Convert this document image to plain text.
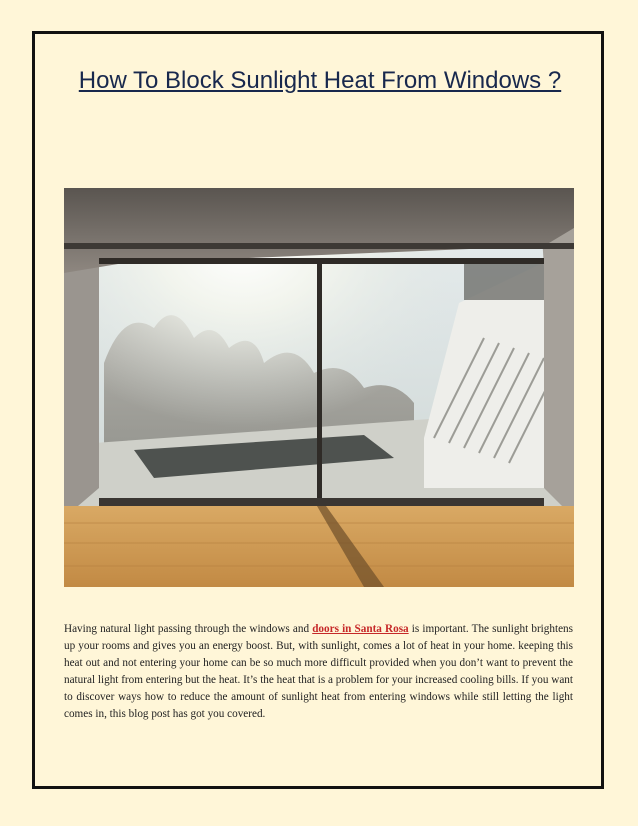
How To Block Sunlight Heat From Windows ?

Having natural light passing through the windows and doors in Santa Rosa is important. The sunlight brightens up your rooms and gives you an energy boost. But, with sunlight, comes a lot of heat in your home. keeping this heat out and not entering your home can be so much more difficult provided when you don’t want to prevent the natural light from entering but the heat. It’s the heat that is a problem for your increased cooling bills. If you want to discover ways how to reduce the amount of sunlight heat from entering windows while still letting the light comes in, this blog post has got you covered.
